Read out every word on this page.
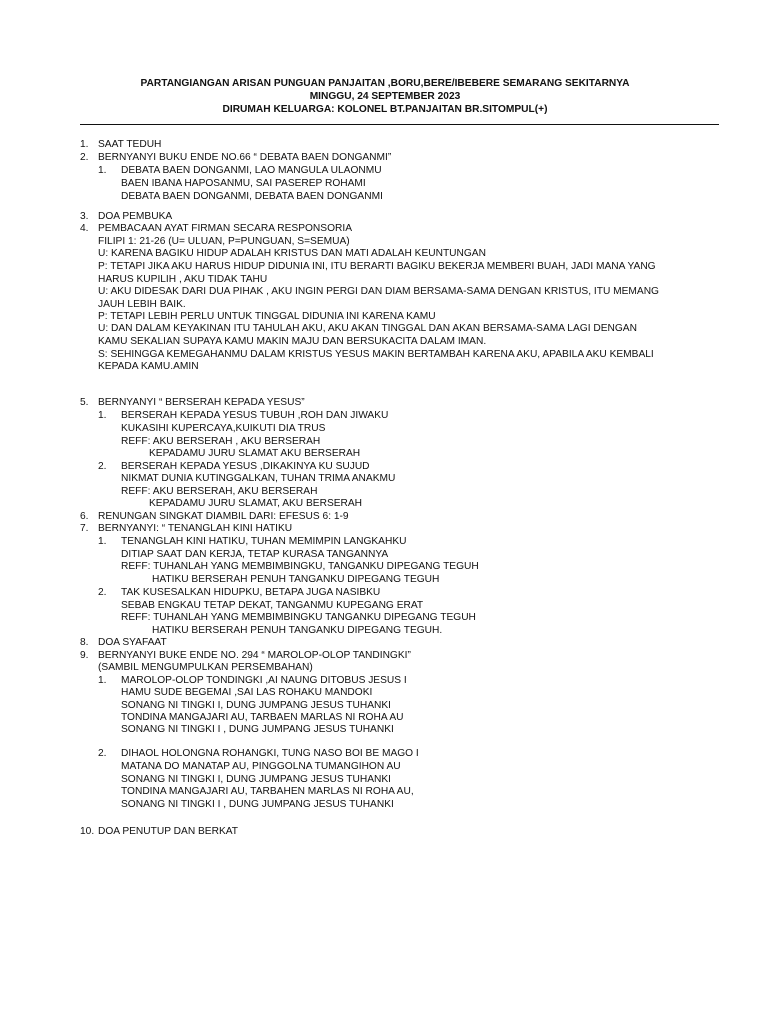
PARTANGIANGAN ARISAN PUNGUAN PANJAITAN ,BORU,BERE/IBEBERE SEMARANG SEKITARNYA
MINGGU, 24 SEPTEMBER 2023
DIRUMAH KELUARGA: KOLONEL BT.PANJAITAN BR.SITOMPUL(+)
1. SAAT TEDUH
2. BERNYANYI BUKU ENDE NO.66 “ DEBATA BAEN DONGANMI”
1. DEBATA BAEN DONGANMI, LAO MANGULA ULAONMU
BAEN IBANA HAPOSANMU, SAI PASEREP ROHAMI
DEBATA BAEN DONGANMI, DEBATA BAEN DONGANMI
3. DOA PEMBUKA
4. PEMBACAAN AYAT FIRMAN SECARA RESPONSORIA
FILIPI 1: 21-26 (U= ULUAN, P=PUNGUAN, S=SEMUA)
U: KARENA BAGIKU HIDUP ADALAH KRISTUS DAN MATI ADALAH KEUNTUNGAN
P: TETAPI JIKA AKU HARUS HIDUP DIDUNIA INI, ITU BERARTI BAGIKU BEKERJA MEMBERI BUAH, JADI MANA YANG
HARUS KUPILIH , AKU TIDAK TAHU
U: AKU DIDESAK DARI DUA PIHAK , AKU INGIN PERGI DAN DIAM BERSAMA-SAMA DENGAN KRISTUS, ITU MEMANG
JAUH LEBIH BAIK.
P: TETAPI LEBIH PERLU UNTUK TINGGAL DIDUNIA INI KARENA KAMU
U: DAN DALAM KEYAKINAN ITU TAHULAH AKU, AKU AKAN TINGGAL DAN AKAN BERSAMA-SAMA LAGI DENGAN
KAMU SEKALIAN SUPAYA KAMU MAKIN MAJU DAN BERSUKACITA DALAM IMAN.
S: SEHINGGA KEMEGAHANMU DALAM KRISTUS YESUS MAKIN BERTAMBAH KARENA AKU, APABILA AKU KEMBALI
KEPADA KAMU.AMIN
5. BERNYANYI “ BERSERAH KEPADA YESUS”
1. BERSERAH KEPADA YESUS TUBUH ,ROH DAN JIWAKU
KUKASIHI KUPERCAYA,KUIKUTI DIA TRUS
REFF: AKU BERSERAH , AKU BERSERAH
KEPADAMU JURU SLAMAT AKU BERSERAH
2. BERSERAH KEPADA YESUS ,DIKAKINYA KU SUJUD
NIKMAT DUNIA KUTINGGALKAN, TUHAN TRIMA ANAKMU
REFF: AKU BERSERAH, AKU BERSERAH
KEPADAMU JURU SLAMAT, AKU BERSERAH
6. RENUNGAN SINGKAT DIAMBIL DARI: EFESUS 6: 1-9
7. BERNYANYI: “ TENANGLAH KINI HATIKU
1. TENANGLAH KINI HATIKU, TUHAN MEMIMPIN LANGKAHKU
DITIAP SAAT DAN KERJA, TETAP KURASA TANGANNYA
REFF: TUHANLAH YANG MEMBIMBINGKU, TANGANKU DIPEGANG TEGUH
HATIKU BERSERAH PENUH TANGANKU DIPEGANG TEGUH
2. TAK KUSESALKAN HIDUPKU, BETAPA JUGA NASIBKU
SEBAB ENGKAU TETAP DEKAT, TANGANMU KUPEGANG ERAT
REFF: TUHANLAH YANG MEMBIMBINGKU TANGANKU DIPEGANG TEGUH
HATIKU BERSERAH PENUH TANGANKU DIPEGANG TEGUH.
8. DOA SYAFAAT
9. BERNYANYI BUKE ENDE NO. 294 “ MAROLOP-OLOP TANDINGKI”
(SAMBIL MENGUMPULKAN PERSEMBAHAN)
1. MAROLOP-OLOP TONDINGKI ,AI NAUNG DITOBUS JESUS I
HAMU SUDE BEGEMAI ,SAI LAS ROHAKU MANDOKI
SONANG NI TINGKI I, DUNG JUMPANG JESUS TUHANKI
TONDINA MANGAJARI AU, TARBAEN MARLAS NI ROHA AU
SONANG NI TINGKI I , DUNG JUMPANG JESUS TUHANKI
2. DIHAOL HOLONGNA ROHANGKI, TUNG NASO BOI BE MAGO I
MATANA DO MANATAP AU, PINGGOLNA TUMANGIHON AU
SONANG NI TINGKI I, DUNG JUMPANG JESUS TUHANKI
TONDINA MANGAJARI AU, TARBAHEN MARLAS NI ROHA AU,
SONANG NI TINGKI I , DUNG JUMPANG JESUS TUHANKI
10. DOA PENUTUP DAN BERKAT
